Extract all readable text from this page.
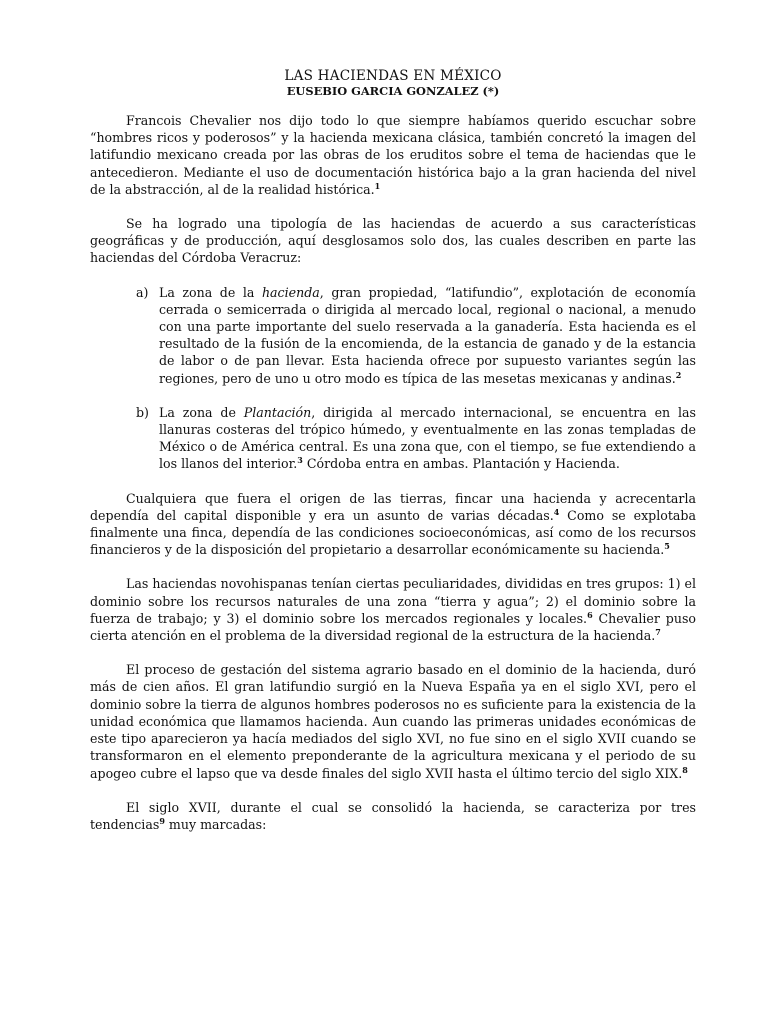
LAS HACIENDAS EN MÉXICO
EUSEBIO GARCIA GONZALEZ (*)

Francois Chevalier nos dijo todo lo que siempre habíamos querido escuchar sobre “hombres ricos y poderosos” y la hacienda mexicana clásica, también concretó la imagen del latifundio mexicano creada por las obras de los eruditos sobre el tema de haciendas que le antecedieron. Mediante el uso de documentación histórica bajo a la gran hacienda del nivel de la abstracción, al de la realidad histórica.$^1$

Se ha logrado una tipología de las haciendas de acuerdo a sus características geográficas y de producción, aquí desglosamos solo dos, las cuales describen en parte las haciendas del Córdoba Veracruz:

a) La zona de la hacienda, gran propiedad, “latifundio”, explotación de economía cerrada o semicerrada o dirigida al mercado local, regional o nacional, a menudo con una parte importante del suelo reservada a la ganadería. Esta hacienda es el resultado de la fusión de la encomienda, de la estancia de ganado y de la estancia de labor o de pan llevar. Esta hacienda ofrece por supuesto variantes según las regiones, pero de uno u otro modo es típica de las mesetas mexicanas y andinas.$^2$
b) La zona de Plantación, dirigida al mercado internacional, se encuentra en las llanuras costeras del trópico húmedo, y eventualmente en las zonas templadas de México o de América central. Es una zona que, con el tiempo, se fue extendiendo a los llanos del interior.$^3$ Córdoba entra en ambas. Plantación y Hacienda.

Cualquiera que fuera el origen de las tierras, fincar una hacienda y acrecentarla dependía del capital disponible y era un asunto de varias décadas.$^4$ Como se explotaba finalmente una finca, dependía de las condiciones socioeconómicas, así como de los recursos financieros y de la disposición del propietario a desarrollar económicamente su hacienda.$^5$

Las haciendas novohispanas tenían ciertas peculiaridades, divididas en tres grupos: 1) el dominio sobre los recursos naturales de una zona “tierra y agua”; 2) el dominio sobre la fuerza de trabajo; y 3) el dominio sobre los mercados regionales y locales.$^6$ Chevalier puso cierta atención en el problema de la diversidad regional de la estructura de la hacienda.$^7$

El proceso de gestación del sistema agrario basado en el dominio de la hacienda, duró más de cien años. El gran latifundio surgió en la Nueva España ya en el siglo XVI, pero el dominio sobre la tierra de algunos hombres poderosos no es suficiente para la existencia de la unidad económica que llamamos hacienda. Aun cuando las primeras unidades económicas de este tipo aparecieron ya hacía mediados del siglo XVI, no fue sino en el siglo XVII cuando se transformaron en el elemento preponderante de la agricultura mexicana y el periodo de su apogeo cubre el lapso que va desde finales del siglo XVII hasta el último tercio del siglo XIX.$^8$

El siglo XVII, durante el cual se consolidó la hacienda, se caracteriza por tres tendencias$^9$ muy marcadas:
